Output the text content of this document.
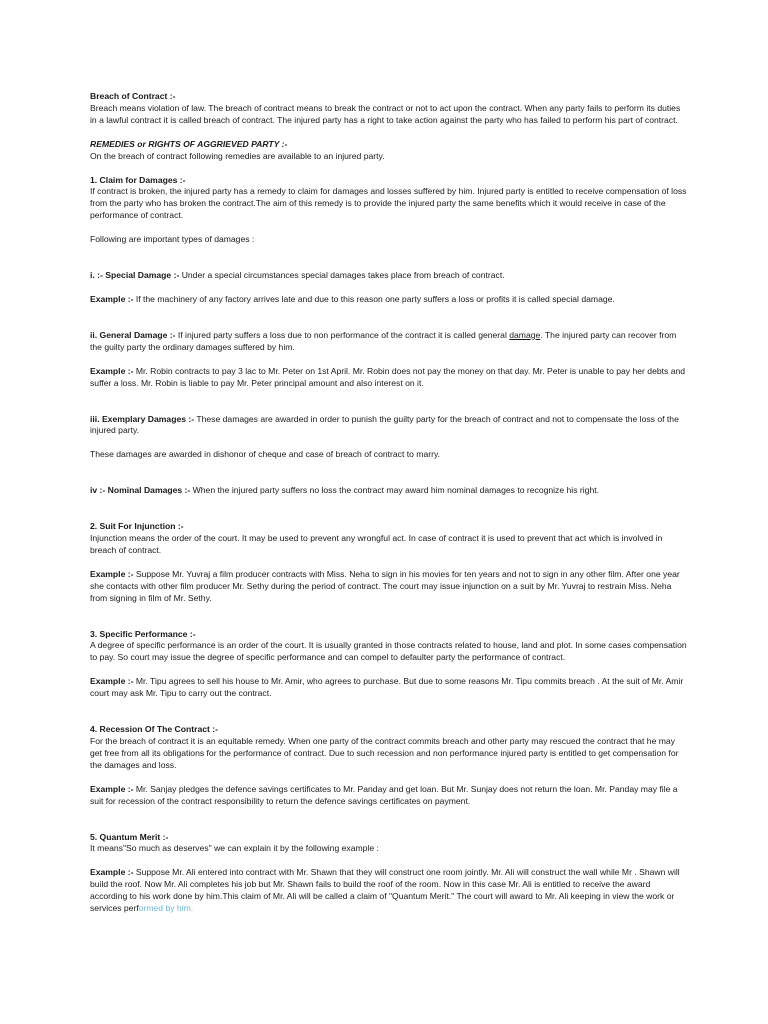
Breach of Contract :-

Breach means violation of law. The breach of contract means to break the contract or not to act upon the contract. When any party fails to perform its duties in a lawful contract it is called breach of contract. The injured party has a right to take action against the party who has failed to perform his part of contract.

REMEDIES or RIGHTS OF AGGRIEVED PARTY :-

On the breach of contract following remedies are available to an injured party.

1. Claim for Damages :-

If contract is broken, the injured party has a remedy to claim for damages and losses suffered by him. Injured party is entitled to receive compensation of loss from the party who has broken the contract.The aim of this remedy is to provide the injured party the same benefits which it would receive in case of the performance of contract.

Following are important types of damages :

i. :- Special Damage :- Under a special circumstances special damages takes place from breach of contract.

Example :- If the machinery of any factory arrives late and due to this reason one party suffers a loss or profits it is called special damage.

ii. General Damage :- If injured party suffers a loss due to non performance of the contract it is called general damage. The injured party can recover from the guilty party the ordinary damages suffered by him.

Example :- Mr. Robin contracts to pay 3 lac to Mr. Peter on 1st April. Mr. Robin does not pay the money on that day. Mr. Peter is unable to pay her debts and suffer a loss. Mr. Robin is liable to pay Mr. Peter principal amount and also interest on it.

iii. Exemplary Damages :- These damages are awarded in order to punish the guilty party for the breach of contract and not to compensate the loss of the injured party.

These damages are awarded in dishonor of cheque and case of breach of contract to marry.

iv :- Nominal Damages :- When the injured party suffers no loss the contract may award him nominal damages to recognize his right.

2. Suit For Injunction :-

Injunction means the order of the court. It may be used to prevent any wrongful act. In case of contract it is used to prevent that act which is involved in breach of contract.

Example :- Suppose Mr. Yuvraj a film producer contracts with Miss. Neha to sign in his movies for ten years and not to sign in any other film. After one year she contacts with other film producer Mr. Sethy during the period of contract. The court may issue injunction on a suit by Mr. Yuvraj to restrain Miss. Neha from signing in film of Mr. Sethy.

3. Specific Performance :-

A degree of specific performance is an order of the court. It is usually granted in those contracts related to house, land and plot. In some cases compensation to pay. So court may issue the degree of specific performance and can compel to defaulter party the performance of contract.

Example :- Mr. Tipu agrees to sell his house to Mr. Amir, who agrees to purchase. But due to some reasons Mr. Tipu commits breach . At the suit of Mr. Amir court may ask Mr. Tipu to carry out the contract.

4. Recession Of The Contract :-

For the breach of contract it is an equitable remedy. When one party of the contract commits breach and other party may rescued the contract that he may get free from all its obligations for the performance of contract. Due to such recession and non performance injured party is entitled to get compensation for the damages and loss.

Example :- Mr. Sanjay pledges the defence savings certificates to Mr. Panday and get loan. But Mr. Sunjay does not return the loan. Mr. Panday may file a suit for recession of the contract responsibility to return the defence savings certificates on payment.

5. Quantum Merit :-

It means"So much as deserves" we can explain it by the following example :

Example :- Suppose Mr. Ali entered into contract with Mr. Shawn that they will construct one room jointly. Mr. Ali will construct the wall while Mr . Shawn will build the roof. Now Mr. Ali completes his job but Mr. Shawn fails to build the roof of the room. Now in this case Mr. Ali is entitled to receive the award according to his work done by him.This claim of Mr. Ali will be called a claim of "Quantum Merit." The court will award to Mr. Ali keeping in view the work or services performed by him.
